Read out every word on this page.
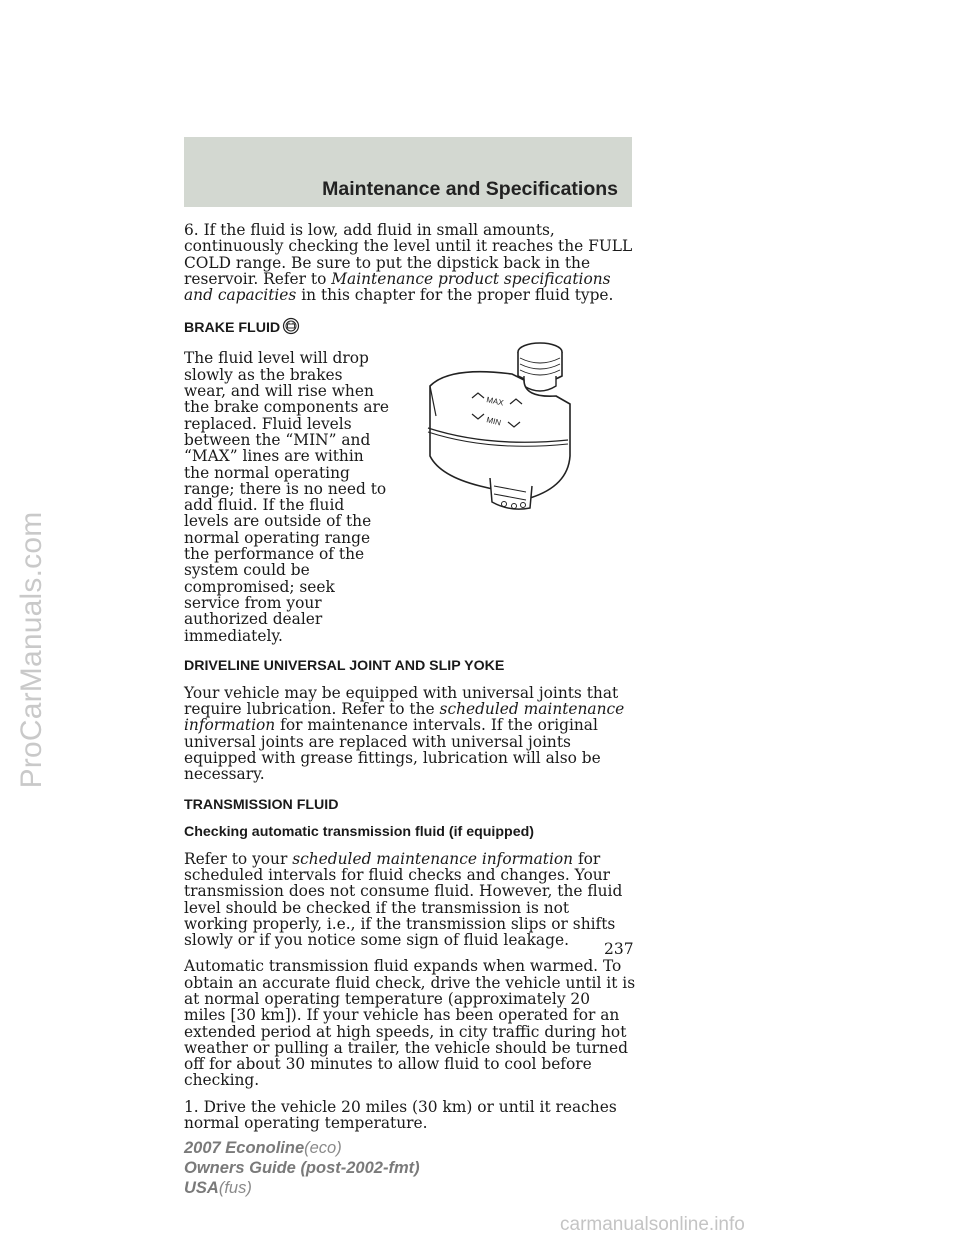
Maintenance and Specifications
ProCarManuals.com

6. If the fluid is low, add fluid in small amounts, continuously checking the level until it reaches the FULL COLD range. Be sure to put the dipstick back in the reservoir. Refer to Maintenance product specifications and capacities in this chapter for the proper fluid type.

BRAKE FLUID

The fluid level will drop slowly as the brakes wear, and will rise when the brake components are replaced. Fluid levels between the “MIN” and “MAX” lines are within the normal operating range; there is no need to add fluid. If the fluid levels are outside of the normal operating range the performance of the system could be compromised; seek service from your authorized dealer immediately.

MAX
MIN
DRIVELINE UNIVERSAL JOINT AND SLIP YOKE

Your vehicle may be equipped with universal joints that require lubrication. Refer to the scheduled maintenance information for maintenance intervals. If the original universal joints are replaced with universal joints equipped with grease fittings, lubrication will also be necessary.

TRANSMISSION FLUID
Checking automatic transmission fluid (if equipped)

Refer to your scheduled maintenance information for scheduled intervals for fluid checks and changes. Your transmission does not consume fluid. However, the fluid level should be checked if the transmission is not working properly, i.e., if the transmission slips or shifts slowly or if you notice some sign of fluid leakage.

Automatic transmission fluid expands when warmed. To obtain an accurate fluid check, drive the vehicle until it is at normal operating temperature (approximately 20 miles [30 km]). If your vehicle has been operated for an extended period at high speeds, in city traffic during hot weather or pulling a trailer, the vehicle should be turned off for about 30 minutes to allow fluid to cool before checking.

1. Drive the vehicle 20 miles (30 km) or until it reaches normal operating temperature.

237
2007 Econoline(eco)
Owners Guide (post-2002-fmt)
USA(fus)
carmanualsonline.info
